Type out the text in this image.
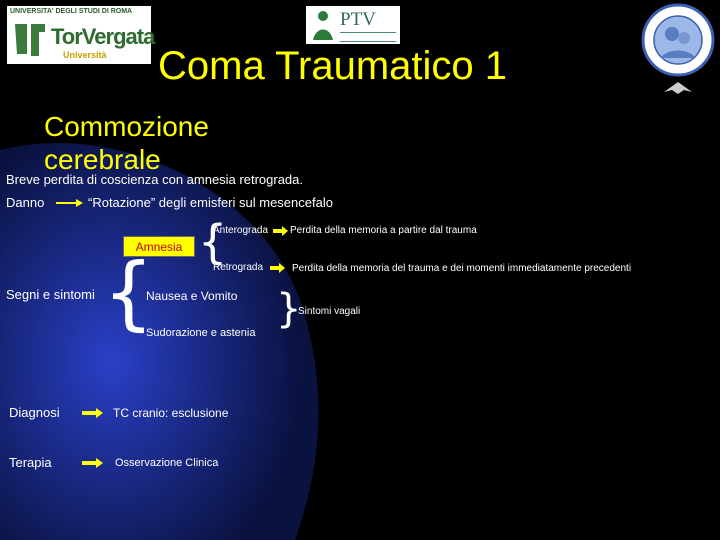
UNIVERSITA' DEGLI STUDI DI ROMA
TorVergata
Università
PTV
Coma Traumatico 1
Commozione cerebrale
Breve perdita di coscienza con amnesia retrograda.
Danno	“Rotazione” degli emisferi sul mesencefalo
Anterograda Perdita della memoria a partire dal trauma
Amnesia {
Retrograda	Perdita della memoria del trauma e dei momenti immediatamente precedenti
Segni e sintomi {
Nausea e Vomito
Sudorazione e astenia
}
Sintomi vagali
Diagnosi	TC cranio: esclusione
Terapia	Osservazione Clinica
